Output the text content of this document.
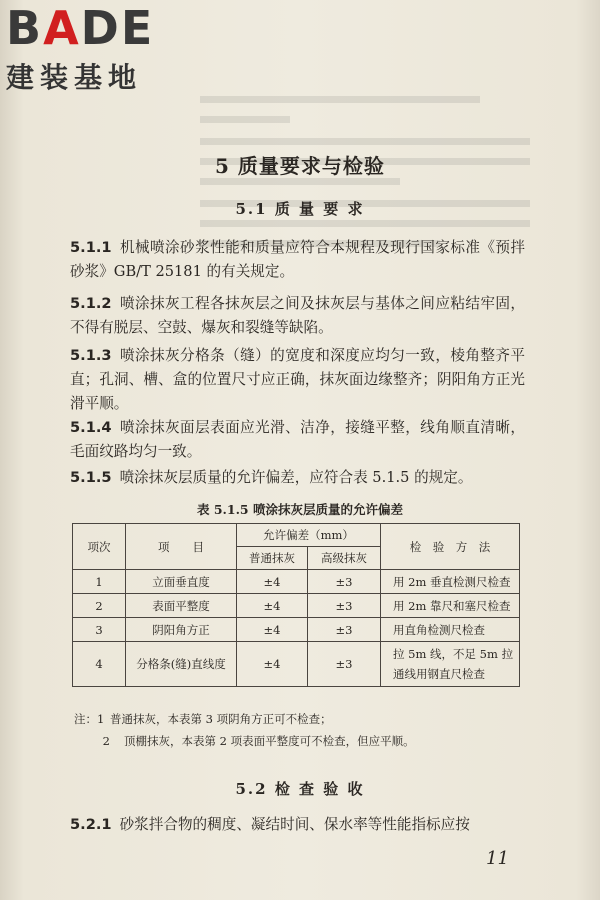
BADE
建装基地
5 质量要求与检验
5.1 质 量 要 求
5.1.1 机械喷涂砂浆性能和质量应符合本规程及现行国家标准《预拌砂浆》GB/T 25181 的有关规定。
5.1.2 喷涂抹灰工程各抹灰层之间及抹灰层与基体之间应粘结牢固，不得有脱层、空鼓、爆灰和裂缝等缺陷。
5.1.3 喷涂抹灰分格条（缝）的宽度和深度应均匀一致，棱角整齐平直；孔洞、槽、盒的位置尺寸应正确，抹灰面边缘整齐；阴阳角方正光滑平顺。
5.1.4 喷涂抹灰面层表面应光滑、洁净，接缝平整，线角顺直清晰，毛面纹路均匀一致。
5.1.5 喷涂抹灰层质量的允许偏差，应符合表 5.1.5 的规定。
表 5.1.5 喷涂抹灰层质量的允许偏差
项次	项　　目	允许偏差（mm）		检　验　方　法
		普通抹灰	高级抹灰	
1	立面垂直度	±4	±3	用 2m 垂直检测尺检查
2	表面平整度	±4	±3	用 2m 靠尺和塞尺检查
3	阴阳角方正	±4	±3	用直角检测尺检查
4	分格条(缝)直线度	±4	±3	拉 5m 线，不足 5m 拉通线用钢直尺检查
注：1 普通抹灰，本表第 3 项阴角方正可不检查；
2	顶棚抹灰，本表第 2 项表面平整度可不检查，但应平顺。
5.2 检 查 验 收
5.2.1 砂浆拌合物的稠度、凝结时间、保水率等性能指标应按
11
